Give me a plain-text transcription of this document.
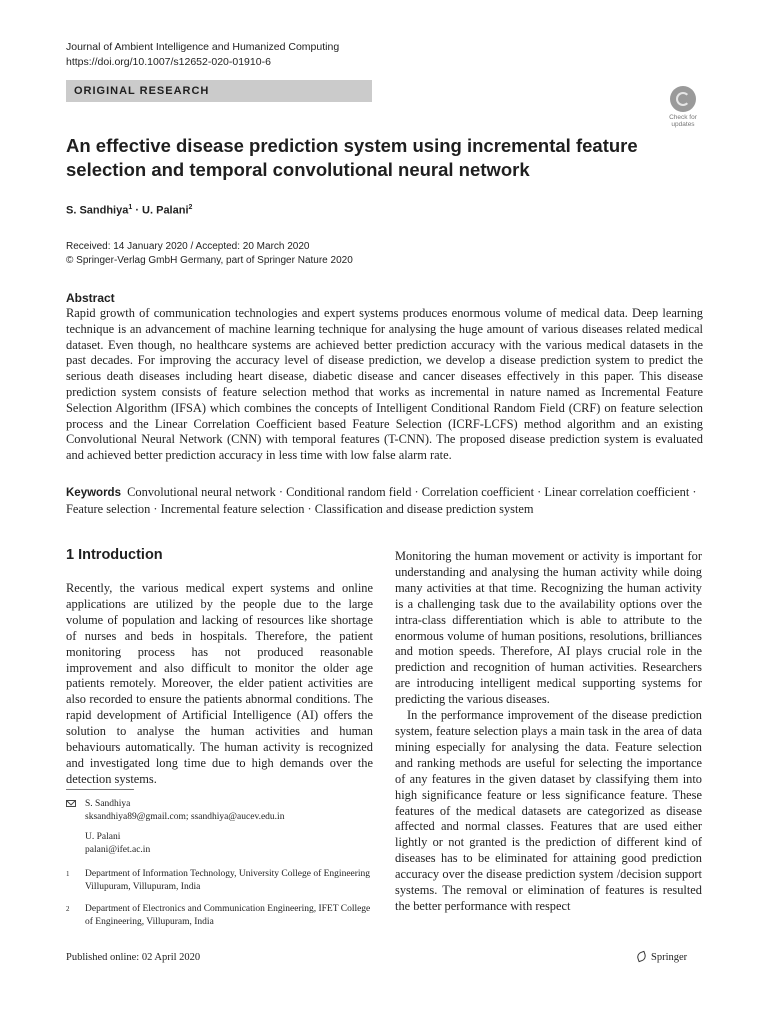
Journal of Ambient Intelligence and Humanized Computing
https://doi.org/10.1007/s12652-020-01910-6
ORIGINAL RESEARCH
Check for
updates
An effective disease prediction system using incremental feature selection and temporal convolutional neural network
S. Sandhiya$^1$ · U. Palani$^2$
Received: 14 January 2020 / Accepted: 20 March 2020
© Springer-Verlag GmbH Germany, part of Springer Nature 2020
Abstract

Rapid growth of communication technologies and expert systems produces enormous volume of medical data. Deep learning technique is an advancement of machine learning technique for analysing the huge amount of various diseases related medical dataset. Even though, no healthcare systems are achieved better prediction accuracy with the various medical datasets in the past decades. For improving the accuracy level of disease prediction, we develop a disease prediction system to predict the serious death diseases including heart disease, diabetic disease and cancer diseases effectively in this paper. This disease prediction system consists of feature selection method that works as incremental in nature named as Incremental Feature Selection Algorithm (IFSA) which combines the concepts of Intelligent Conditional Random Field (CRF) on feature selection process and the Linear Correlation Coefficient based Feature Selection (ICRF-LCFS) method algorithm and an existing Convolutional Neural Network (CNN) with temporal features (T-CNN). The proposed disease prediction system is evaluated and achieved better prediction accuracy in less time with low false alarm rate.

Keywords Convolutional neural network · Conditional random field · Correlation coefficient · Linear correlation coefficient · Feature selection · Incremental feature selection · Classification and disease prediction system

1 Introduction

Recently, the various medical expert systems and online applications are utilized by the people due to the large volume of population and lacking of resources like shortage of nurses and beds in hospitals. Therefore, the patient monitoring process has not produced reasonable improvement and also difficult to monitor the older age patients remotely. Moreover, the elder patient activities are also recorded to ensure the patients abnormal conditions. The rapid development of Artificial Intelligence (AI) offers the solution to analyse the human activities and human behaviours automatically. The human activity is recognized and investigated long time due to high demands over the detection systems.

Monitoring the human movement or activity is important for understanding and analysing the human activity while doing many activities at that time. Recognizing the human activity is a challenging task due to the availability options over the intra-class differentiation which is able to attribute to the enormous volume of human positions, resolutions, brilliances and motion speeds. Therefore, AI plays crucial role in the prediction and recognition of human activities. Researchers are introducing intelligent medical supporting systems for predicting the various diseases.

In the performance improvement of the disease prediction system, feature selection plays a main task in the area of data mining especially for analysing the data. Feature selection and ranking methods are useful for selecting the importance of any features in the given dataset by classifying them into high significance feature or less significance feature. These features of the medical datasets are categorized as disease affected and normal classes. Features that are used either lightly or not granted is the prediction of different kind of diseases has to be eliminated for attaining good prediction accuracy over the disease prediction system /decision support systems. The removal or elimination of features is resulted the better performance with respect

S. Sandhiya
sksandhiya89@gmail.com; ssandhiya@aucev.edu.in
U. Palani
palani@ifet.ac.in
$^1$	Department of Information Technology, University College of Engineering Villupuram, Villupuram, India
$^2$	Department of Electronics and Communication Engineering, IFET College of Engineering, Villupuram, India
Published online: 02 April 2020	Springer
